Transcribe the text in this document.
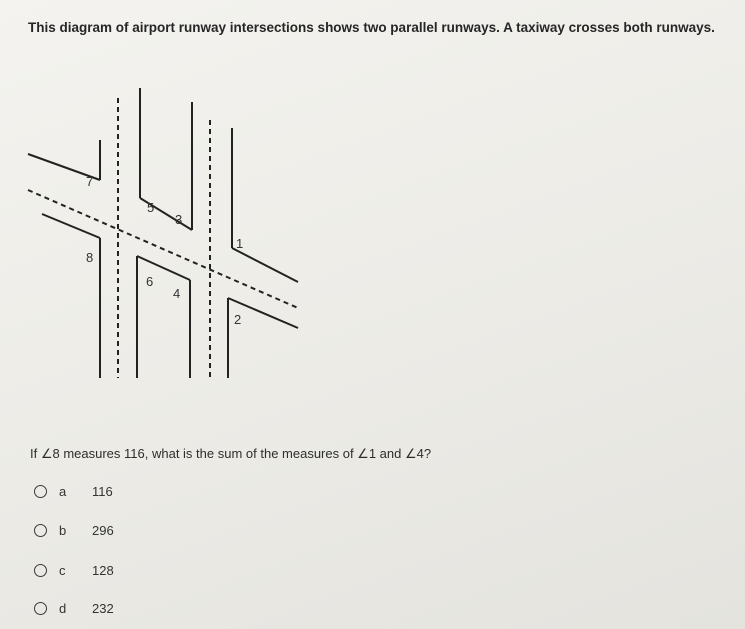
This diagram of airport runway intersections shows two parallel runways. A taxiway crosses both runways.
7
8
5
3
6
4
1
2
If ∠8 measures 116, what is the sum of the measures of ∠1 and ∠4?
a 116
b 296
c 128
d 232
